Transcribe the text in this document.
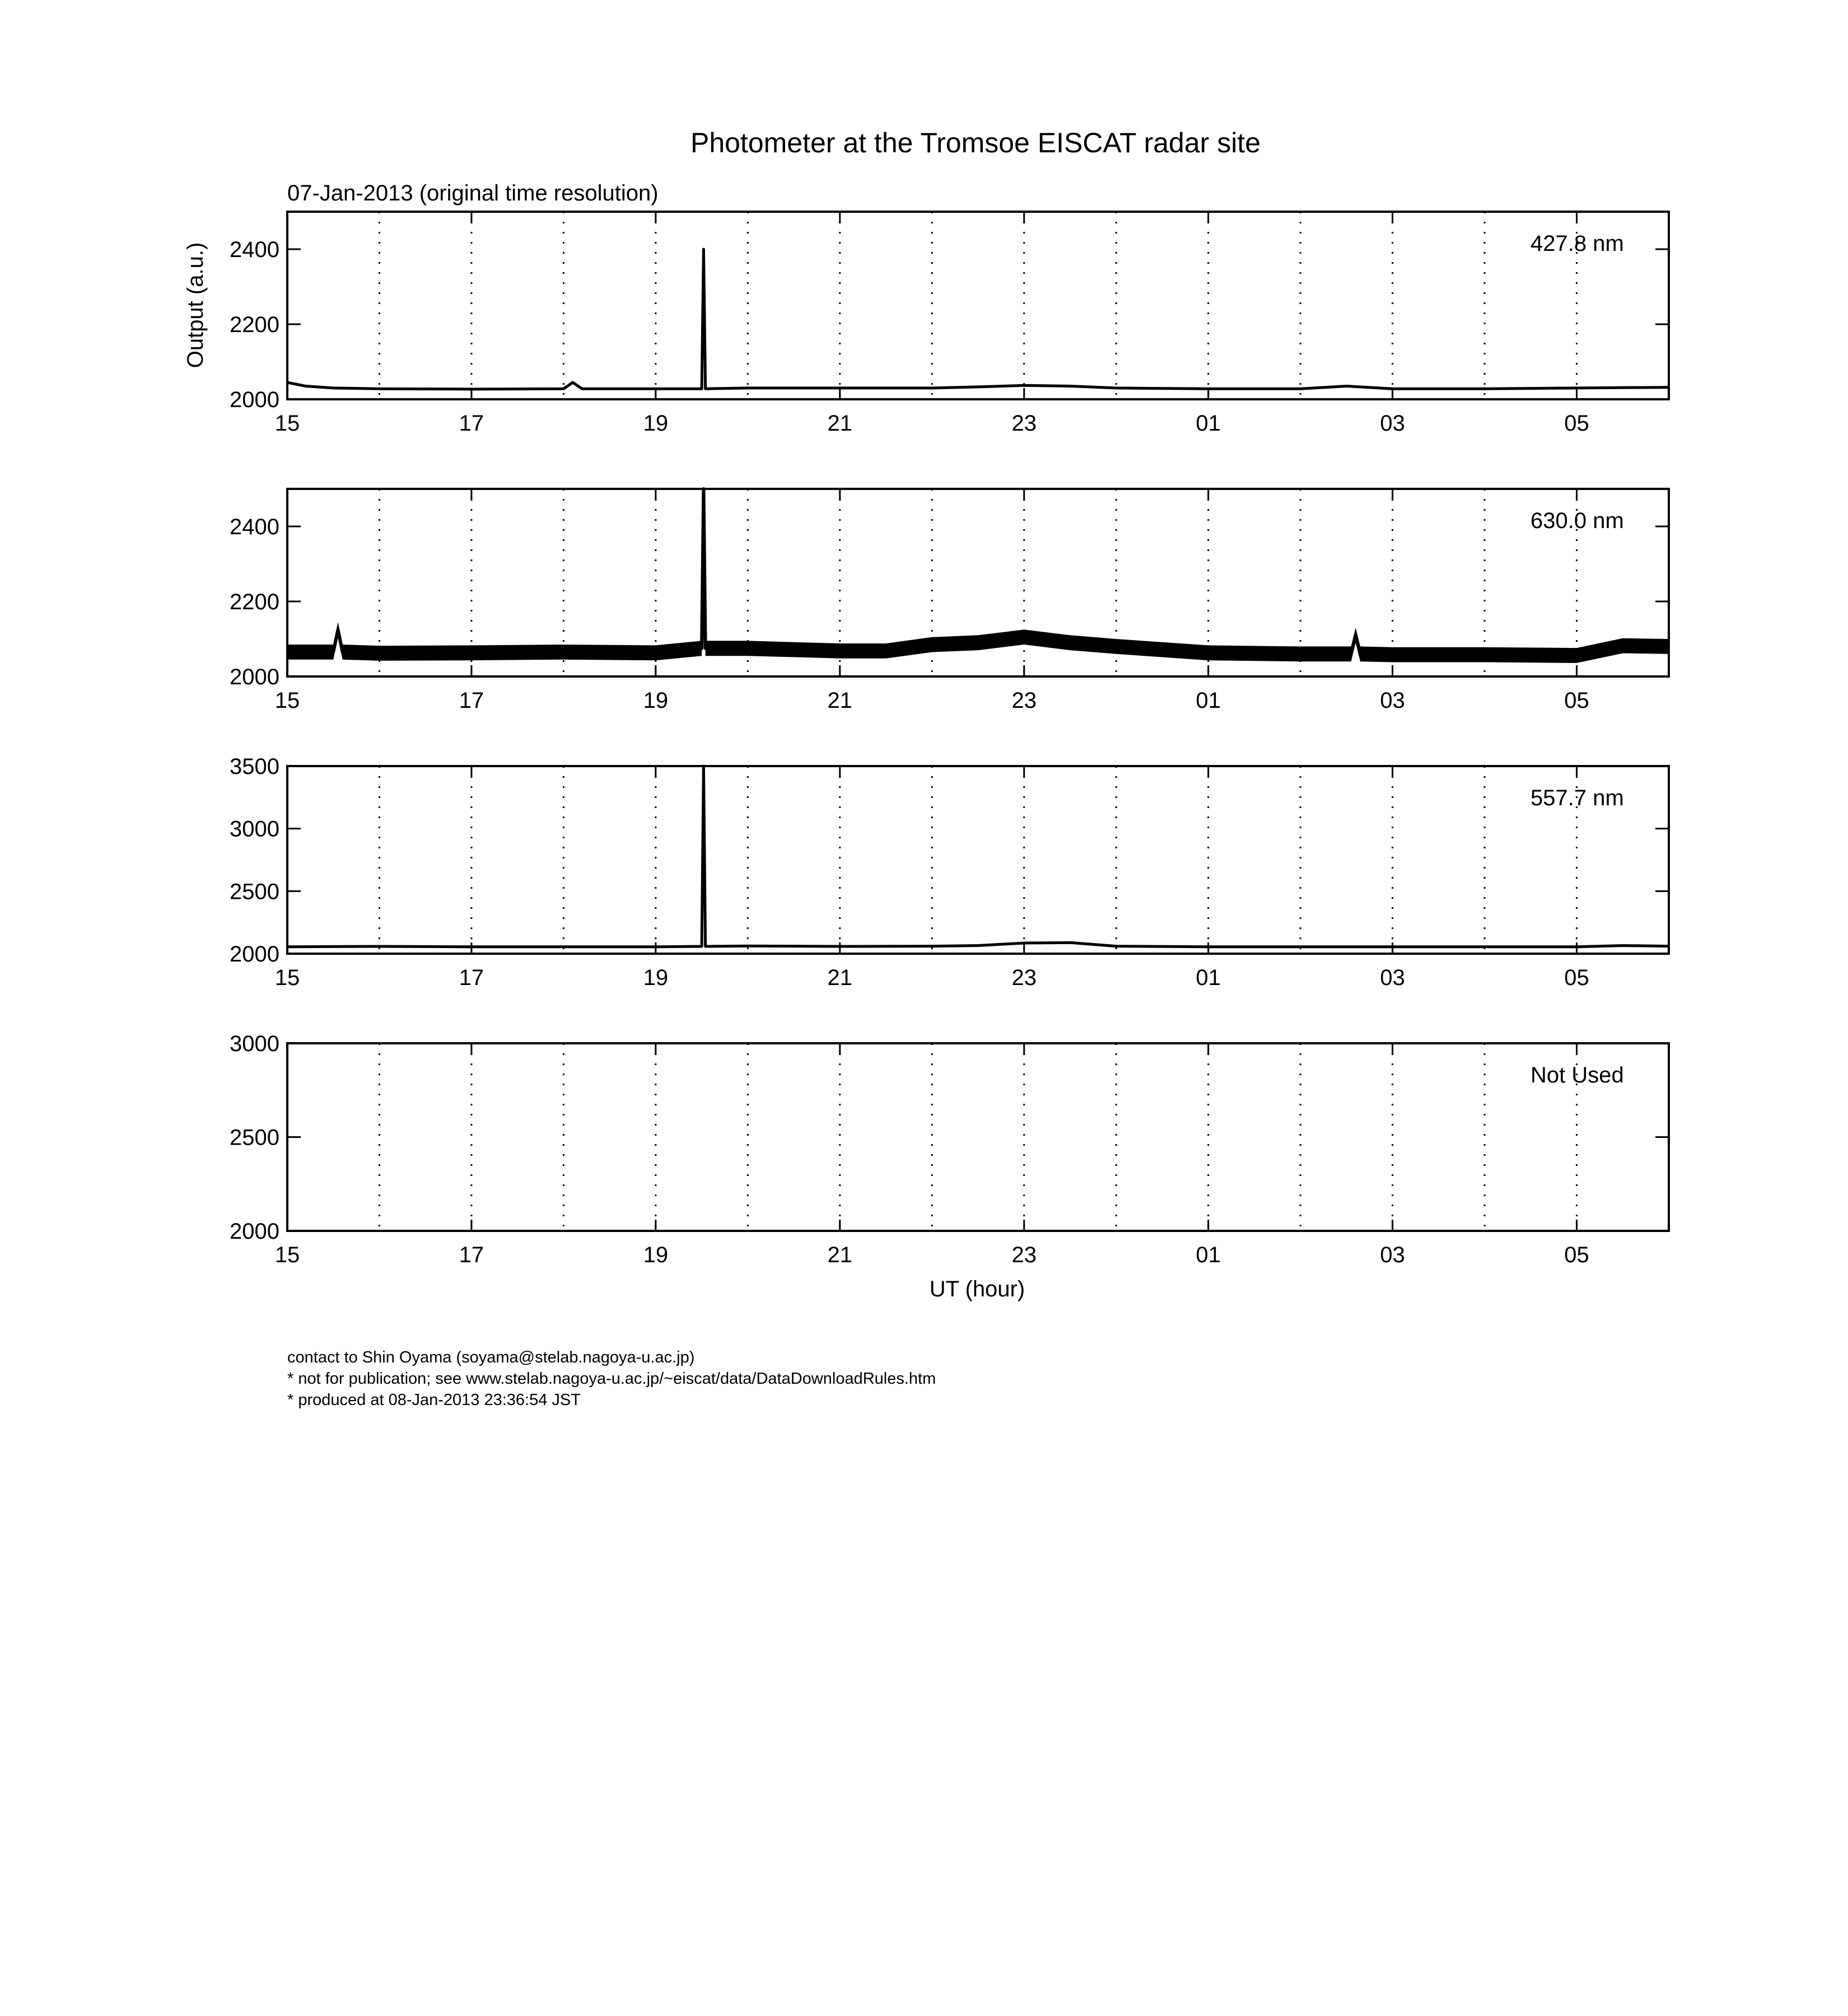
Photometer at the Tromsoe EISCAT radar site
07-Jan-2013 (original time resolution)
Output (a.u.)
UT (hour)
15	17	19	21	23	01	03	05
2000
2200
2400	427.8 nm
15	17	19	21	23	01	03	05
2000
2200
2400	630.0 nm
15	17	19	21	23	01	03	05
2000
2500
3000
3500
557.7 nm
15	17	19	21	23	01	03	05
2000
2500
3000
Not Used
contact to Shin Oyama (soyama@stelab.nagoya-u.ac.jp)
* not for publication; see www.stelab.nagoya-u.ac.jp/~eiscat/data/DataDownloadRules.htm
* produced at 08-Jan-2013 23:36:54 JST
